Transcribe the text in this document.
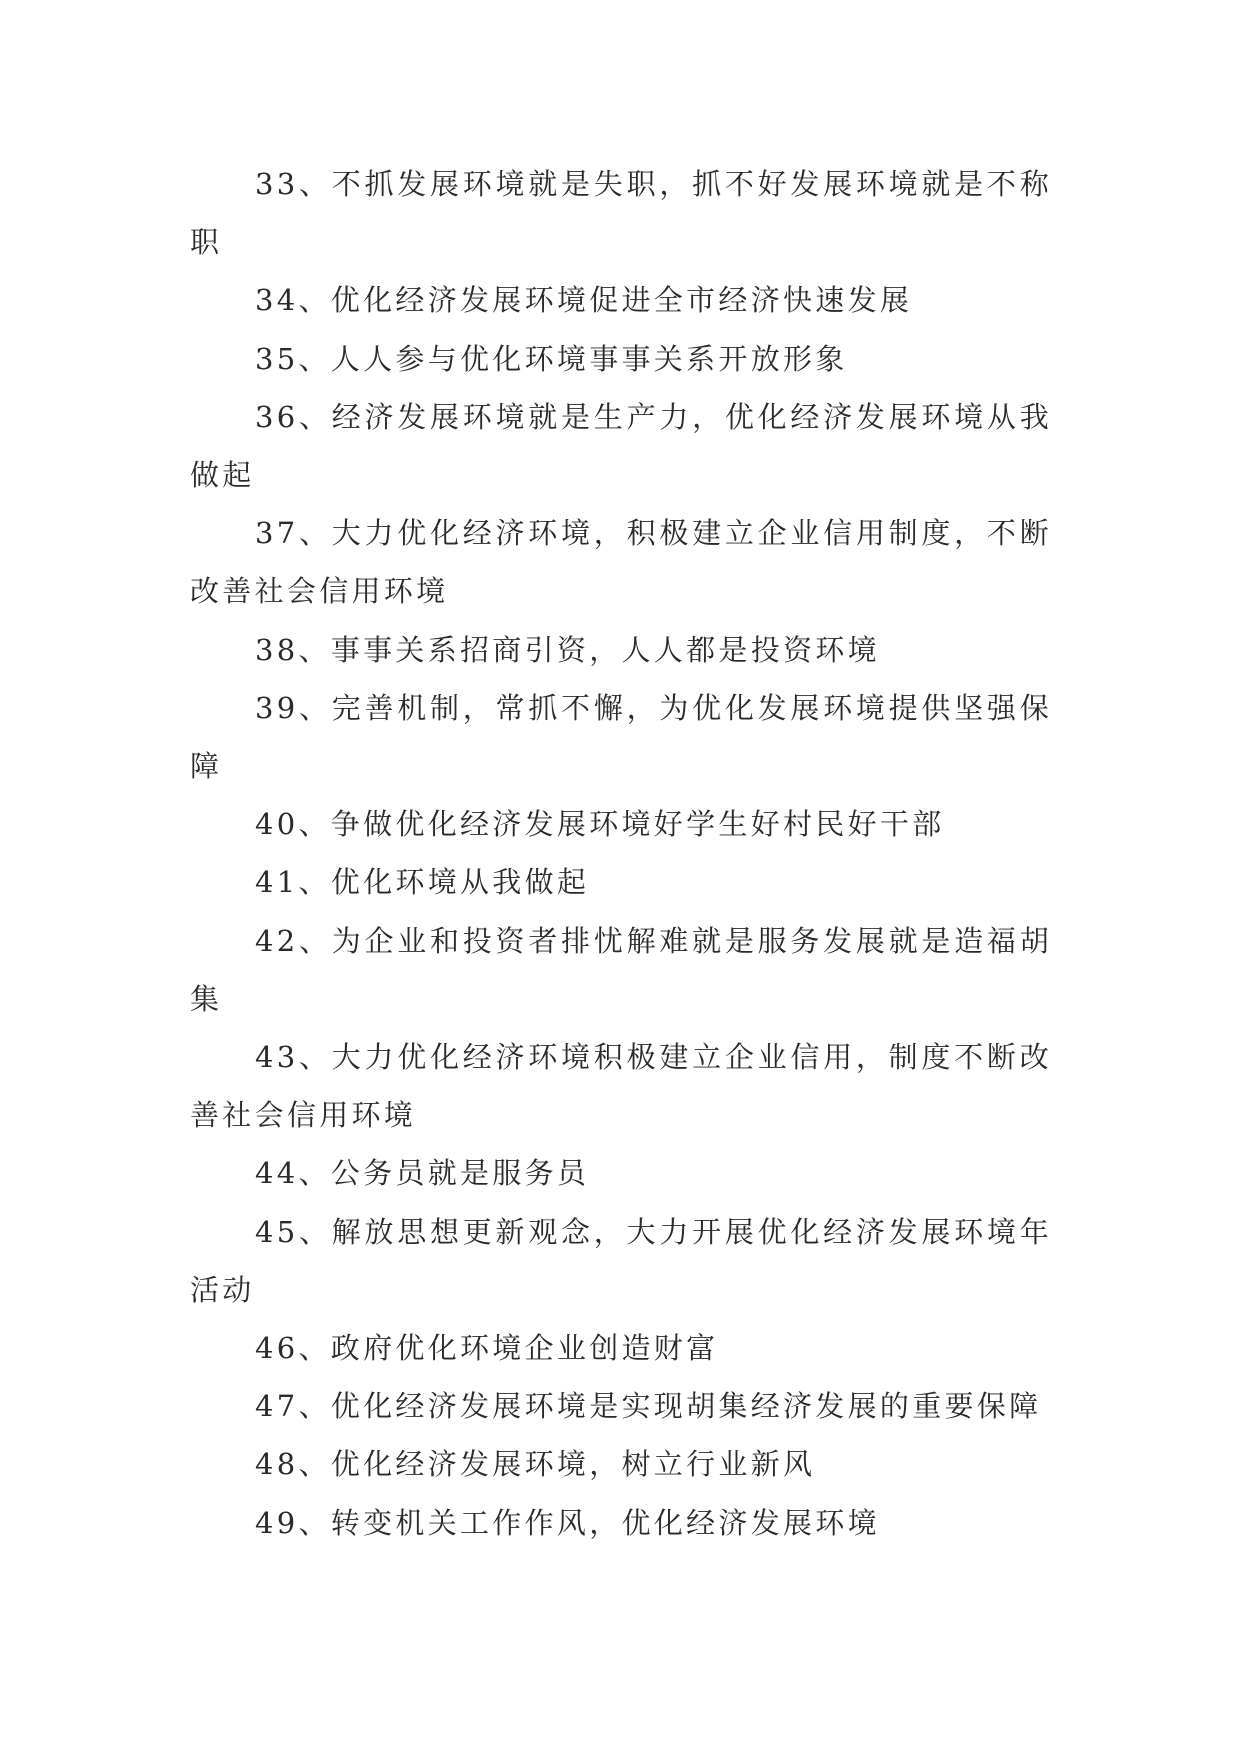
33、不抓发展环境就是失职，抓不好发展环境就是不称职

34、优化经济发展环境促进全市经济快速发展

35、人人参与优化环境事事关系开放形象

36、经济发展环境就是生产力，优化经济发展环境从我做起

37、大力优化经济环境，积极建立企业信用制度，不断改善社会信用环境

38、事事关系招商引资，人人都是投资环境

39、完善机制，常抓不懈，为优化发展环境提供坚强保障

40、争做优化经济发展环境好学生好村民好干部

41、优化环境从我做起

42、为企业和投资者排忧解难就是服务发展就是造福胡集

43、大力优化经济环境积极建立企业信用，制度不断改善社会信用环境

44、公务员就是服务员

45、解放思想更新观念，大力开展优化经济发展环境年活动

46、政府优化环境企业创造财富

47、优化经济发展环境是实现胡集经济发展的重要保障

48、优化经济发展环境，树立行业新风

49、转变机关工作作风，优化经济发展环境
